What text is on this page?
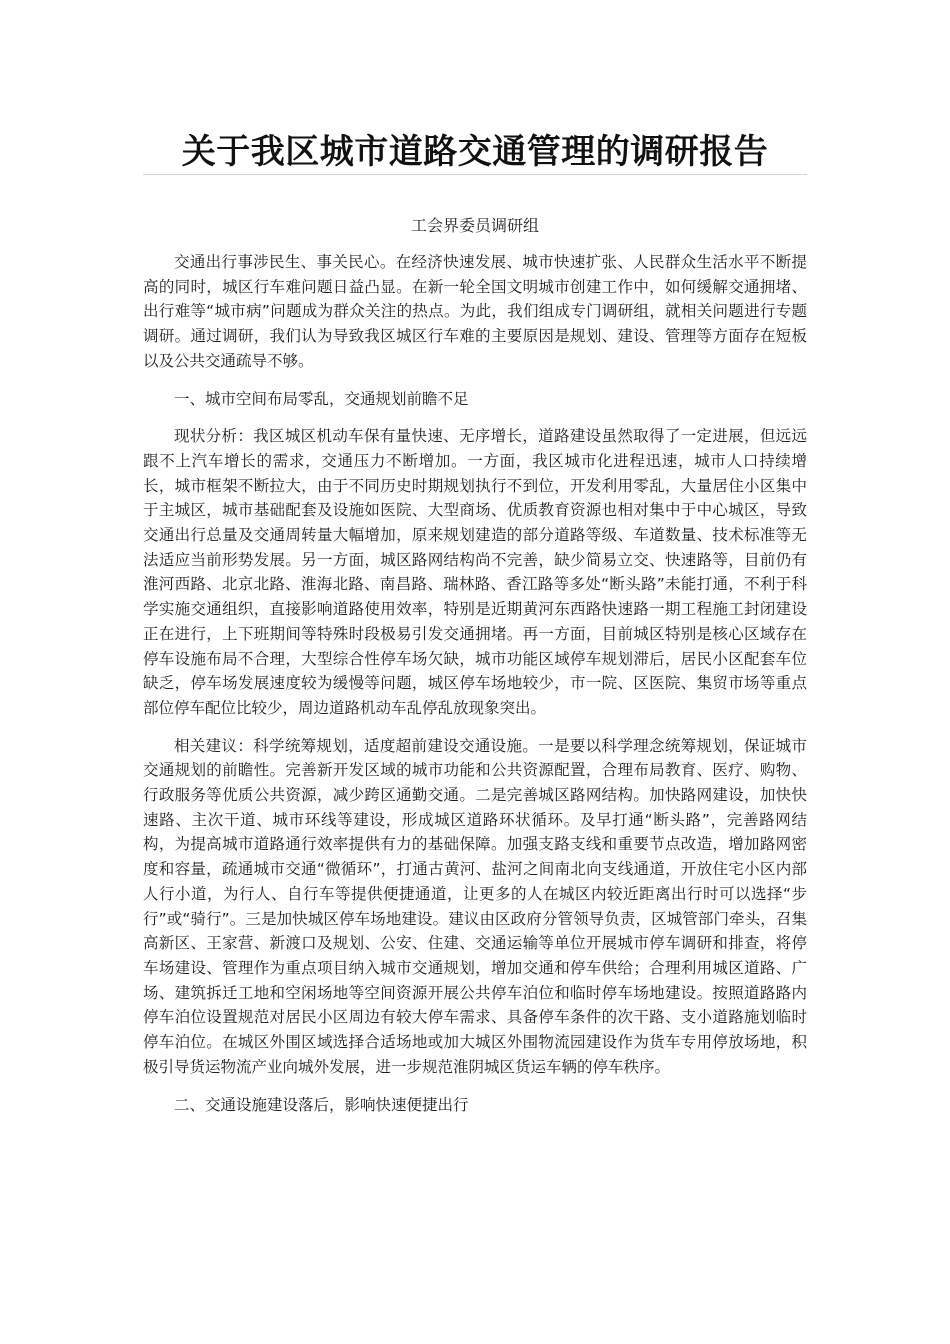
关于我区城市道路交通管理的调研报告
工会界委员调研组

交通出行事涉民生、事关民心。在经济快速发展、城市快速扩张、人民群众生活水平不断提高的同时，城区行车难问题日益凸显。在新一轮全国文明城市创建工作中，如何缓解交通拥堵、出行难等“城市病”问题成为群众关注的热点。为此，我们组成专门调研组，就相关问题进行专题调研。通过调研，我们认为导致我区城区行车难的主要原因是规划、建设、管理等方面存在短板以及公共交通疏导不够。

一、城市空间布局零乱，交通规划前瞻不足

现状分析：我区城区机动车保有量快速、无序增长，道路建设虽然取得了一定进展，但远远跟不上汽车增长的需求，交通压力不断增加。一方面，我区城市化进程迅速，城市人口持续增长，城市框架不断拉大，由于不同历史时期规划执行不到位，开发利用零乱，大量居住小区集中于主城区，城市基础配套及设施如医院、大型商场、优质教育资源也相对集中于中心城区，导致交通出行总量及交通周转量大幅增加，原来规划建造的部分道路等级、车道数量、技术标准等无法适应当前形势发展。另一方面，城区路网结构尚不完善，缺少简易立交、快速路等，目前仍有淮河西路、北京北路、淮海北路、南昌路、瑞林路、香江路等多处“断头路”未能打通，不利于科学实施交通组织，直接影响道路使用效率，特别是近期黄河东西路快速路一期工程施工封闭建设正在进行，上下班期间等特殊时段极易引发交通拥堵。再一方面，目前城区特别是核心区域存在停车设施布局不合理，大型综合性停车场欠缺，城市功能区域停车规划滞后，居民小区配套车位缺乏，停车场发展速度较为缓慢等问题，城区停车场地较少，市一院、区医院、集贸市场等重点部位停车配位比较少，周边道路机动车乱停乱放现象突出。

相关建议：科学统筹规划，适度超前建设交通设施。一是要以科学理念统筹规划，保证城市交通规划的前瞻性。完善新开发区域的城市功能和公共资源配置，合理布局教育、医疗、购物、行政服务等优质公共资源，减少跨区通勤交通。二是完善城区路网结构。加快路网建设，加快快速路、主次干道、城市环线等建设，形成城区道路环状循环。及早打通“断头路”，完善路网结构，为提高城市道路通行效率提供有力的基础保障。加强支路支线和重要节点改造，增加路网密度和容量，疏通城市交通“微循环”，打通古黄河、盐河之间南北向支线通道，开放住宅小区内部人行小道，为行人、自行车等提供便捷通道，让更多的人在城区内较近距离出行时可以选择“步行”或“骑行”。三是加快城区停车场地建设。建议由区政府分管领导负责，区城管部门牵头，召集高新区、王家营、新渡口及规划、公安、住建、交通运输等单位开展城市停车调研和排查，将停车场建设、管理作为重点项目纳入城市交通规划，增加交通和停车供给；合理利用城区道路、广场、建筑拆迁工地和空闲场地等空间资源开展公共停车泊位和临时停车场地建设。按照道路路内停车泊位设置规范对居民小区周边有较大停车需求、具备停车条件的次干路、支小道路施划临时停车泊位。在城区外围区域选择合适场地或加大城区外围物流园建设作为货车专用停放场地，积极引导货运物流产业向城外发展，进一步规范淮阴城区货运车辆的停车秩序。

二、交通设施建设落后，影响快速便捷出行
